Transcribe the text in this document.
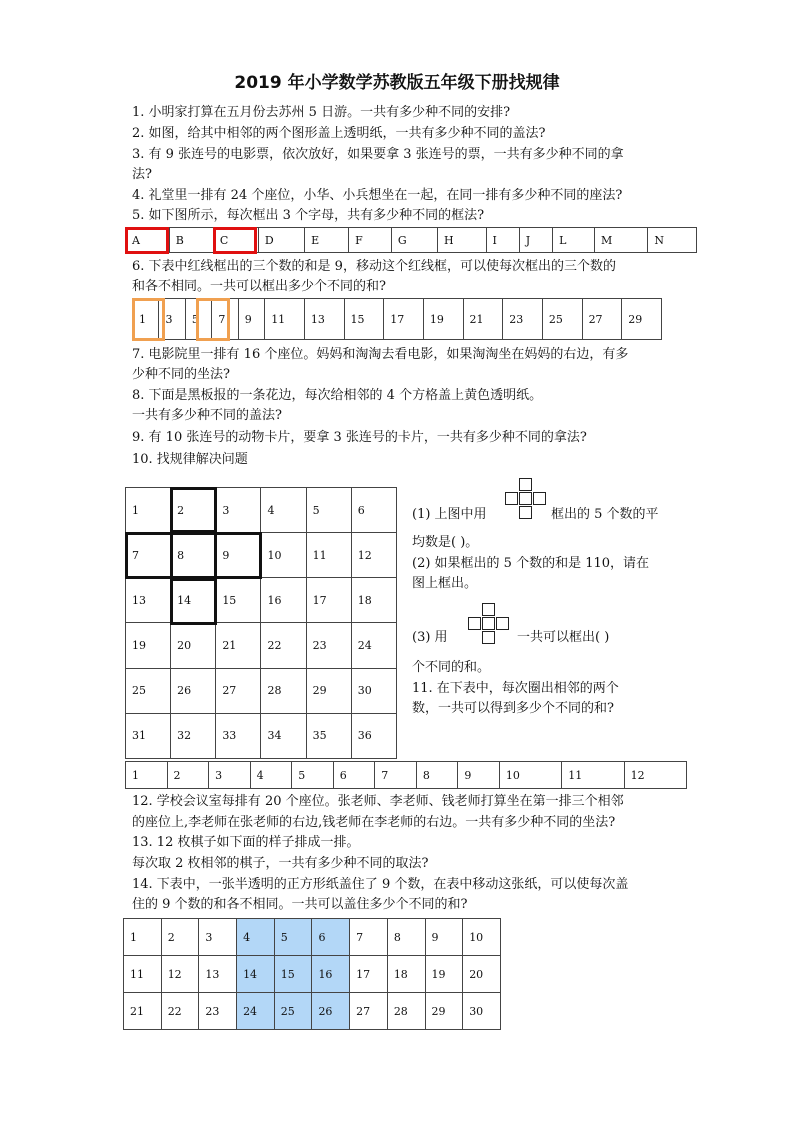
2019 年小学数学苏教版五年级下册找规律
1. 小明家打算在五月份去苏州 5 日游。一共有多少种不同的安排?
2. 如图，给其中相邻的两个图形盖上透明纸，一共有多少种不同的盖法?
3. 有 9 张连号的电影票，依次放好，如果要拿 3 张连号的票，一共有多少种不同的拿
法?
4. 礼堂里一排有 24 个座位，小华、小兵想坐在一起，在同一排有多少种不同的座法?
5. 如下图所示，每次框出 3 个字母，共有多少种不同的框法?
A	B	C	D	E	F	G	H	I	J	L	M	N
6. 下表中红线框出的三个数的和是 9，移动这个红线框，可以使每次框出的三个数的
和各不相同。一共可以框出多少个不同的和?
1	3	5	7	9	11	13	15	17	19	21	23	25	27	29
7. 电影院里一排有 16 个座位。妈妈和淘淘去看电影，如果淘淘坐在妈妈的右边，有多
少种不同的坐法?
8. 下面是黑板报的一条花边，每次给相邻的 4 个方格盖上黄色透明纸。
一共有多少种不同的盖法?
9. 有 10 张连号的动物卡片，要拿 3 张连号的卡片，一共有多少种不同的拿法?
10. 找规律解决问题
1	2	3	4	5	6
7	8	9	10	11	12
13	14	15	16	17	18
19	20	21	22	23	24
25	26	27	28	29	30
31	32	33	34	35	36
(1) 上图中用	框出的 5 个数的平
均数是( )。
(2) 如果框出的 5 个数的和是 110，请在
图上框出。
(3) 用	一共可以框出( )
个不同的和。
11. 在下表中，每次圈出相邻的两个
数，一共可以得到多少个不同的和?
1	2	3	4	5	6	7	8	9	10	11	12
12. 学校会议室每排有 20 个座位。张老师、李老师、钱老师打算坐在第一排三个相邻
的座位上,李老师在张老师的右边,钱老师在李老师的右边。一共有多少种不同的坐法?
13. 12 枚棋子如下面的样子排成一排。
每次取 2 枚相邻的棋子，一共有多少种不同的取法?
14. 下表中，一张半透明的正方形纸盖住了 9 个数，在表中移动这张纸，可以使每次盖
住的 9 个数的和各不相同。一共可以盖住多少个不同的和?
1	2	3	4	5	6	7	8	9	10
11	12	13	14	15	16	17	18	19	20
21	22	23	24	25	26	27	28	29	30
